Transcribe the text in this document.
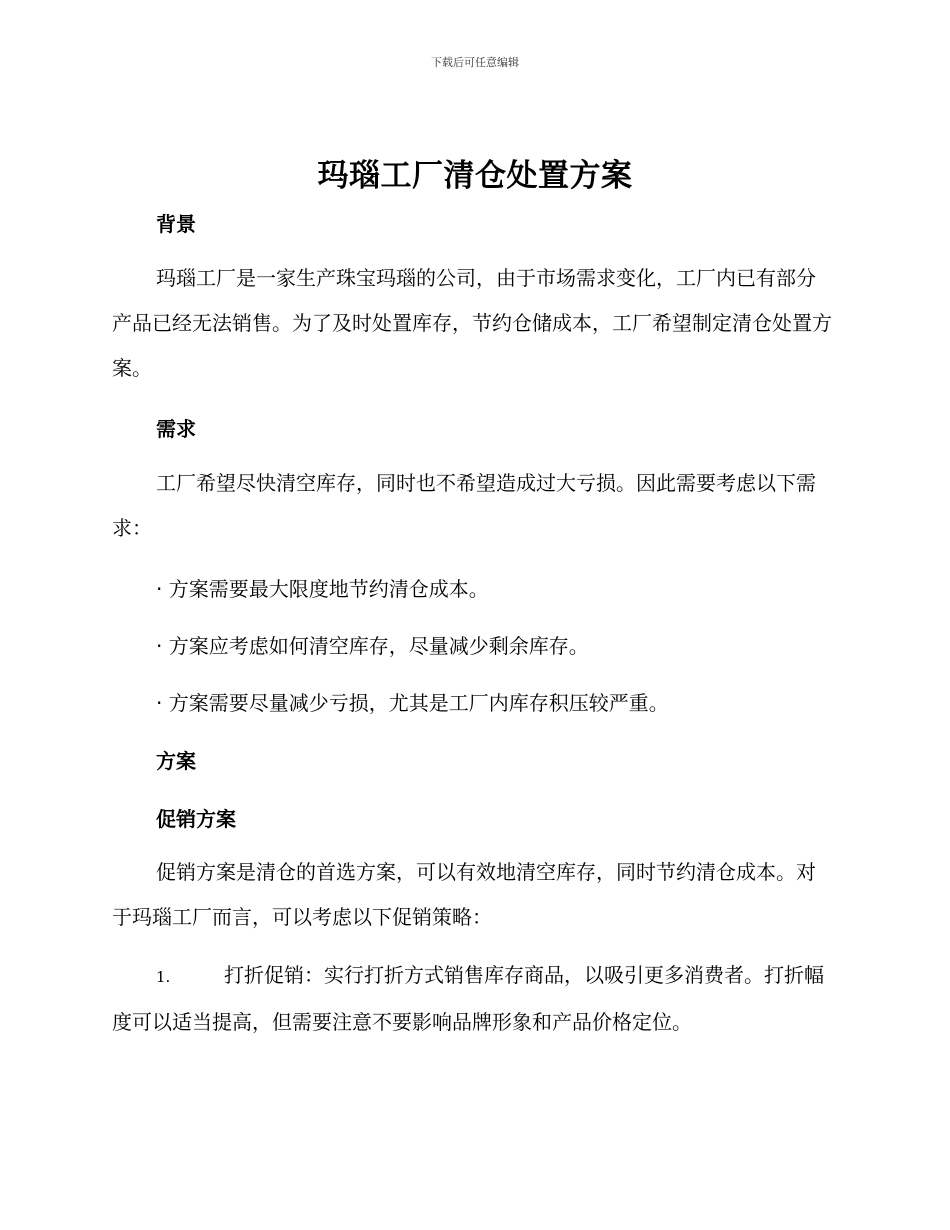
下载后可任意编辑
玛瑙工厂清仓处置方案
背景
玛瑙工厂是一家生产珠宝玛瑙的公司，由于市场需求变化，工厂内已有部分产品已经无法销售。为了及时处置库存，节约仓储成本，工厂希望制定清仓处置方案。
需求
工厂希望尽快清空库存，同时也不希望造成过大亏损。因此需要考虑以下需求：
· 方案需要最大限度地节约清仓成本。
· 方案应考虑如何清空库存，尽量减少剩余库存。
· 方案需要尽量减少亏损，尤其是工厂内库存积压较严重。
方案
促销方案
促销方案是清仓的首选方案，可以有效地清空库存，同时节约清仓成本。对于玛瑙工厂而言，可以考虑以下促销策略：
1.	打折促销：实行打折方式销售库存商品，以吸引更多消费者。打折幅度可以适当提高，但需要注意不要影响品牌形象和产品价格定位。
